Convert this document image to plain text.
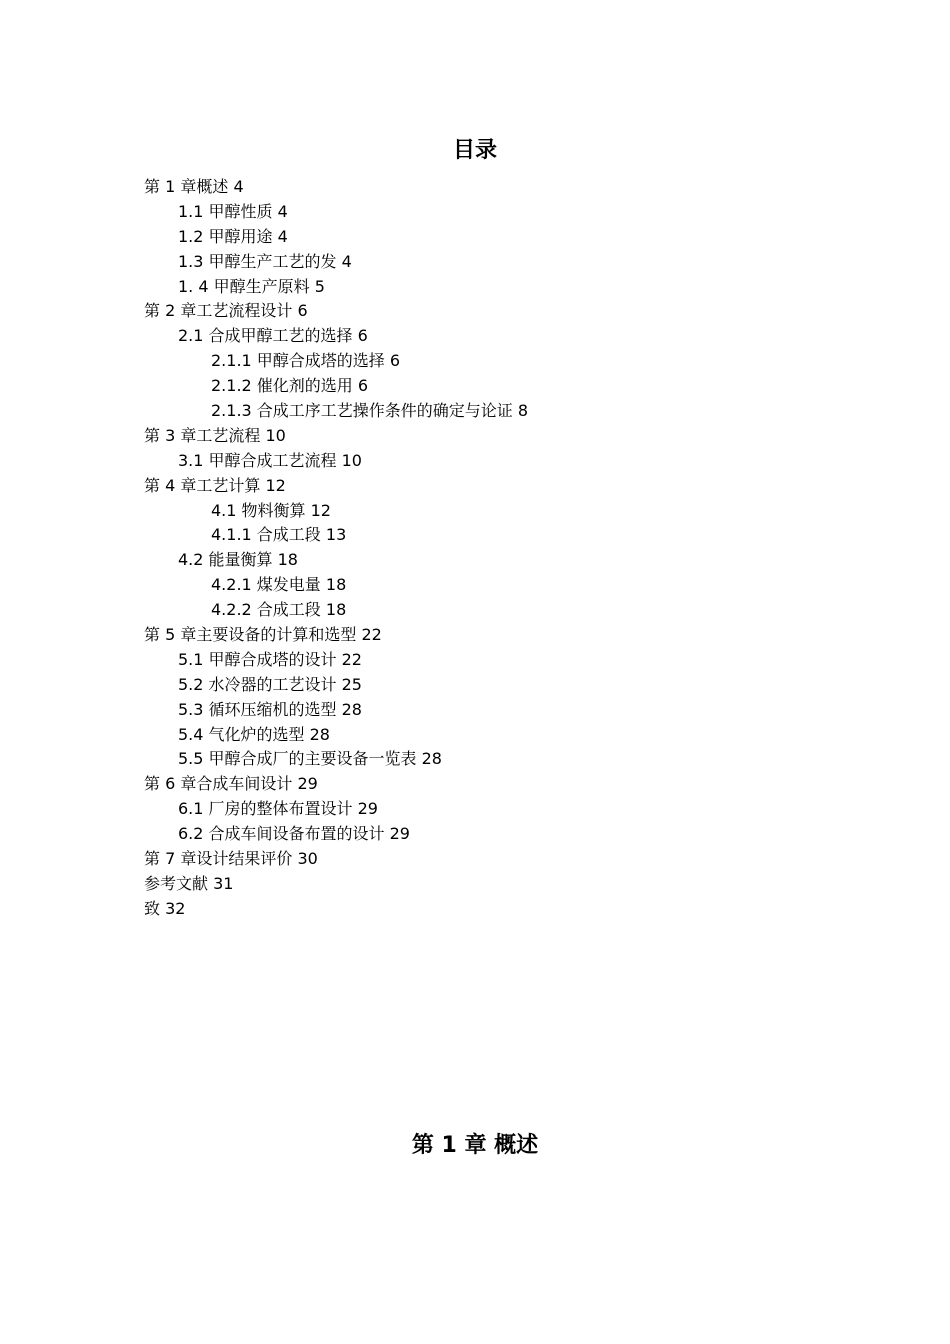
目录
第 1 章概述 4
1.1 甲醇性质 4
1.2 甲醇用途 4
1.3 甲醇生产工艺的发 4
1. 4 甲醇生产原料 5
第 2 章工艺流程设计 6
2.1 合成甲醇工艺的选择 6
2.1.1 甲醇合成塔的选择 6
2.1.2 催化剂的选用 6
2.1.3 合成工序工艺操作条件的确定与论证 8
第 3 章工艺流程 10
3.1 甲醇合成工艺流程 10
第 4 章工艺计算 12
4.1 物料衡算 12
4.1.1 合成工段 13
4.2 能量衡算 18
4.2.1 煤发电量 18
4.2.2 合成工段 18
第 5 章主要设备的计算和选型 22
5.1 甲醇合成塔的设计 22
5.2 水冷器的工艺设计 25
5.3 循环压缩机的选型 28
5.4 气化炉的选型 28
5.5 甲醇合成厂的主要设备一览表 28
第 6 章合成车间设计 29
6.1 厂房的整体布置设计 29
6.2 合成车间设备布置的设计 29
第 7 章设计结果评价 30
参考文献 31
致 32
第 1 章 概述
